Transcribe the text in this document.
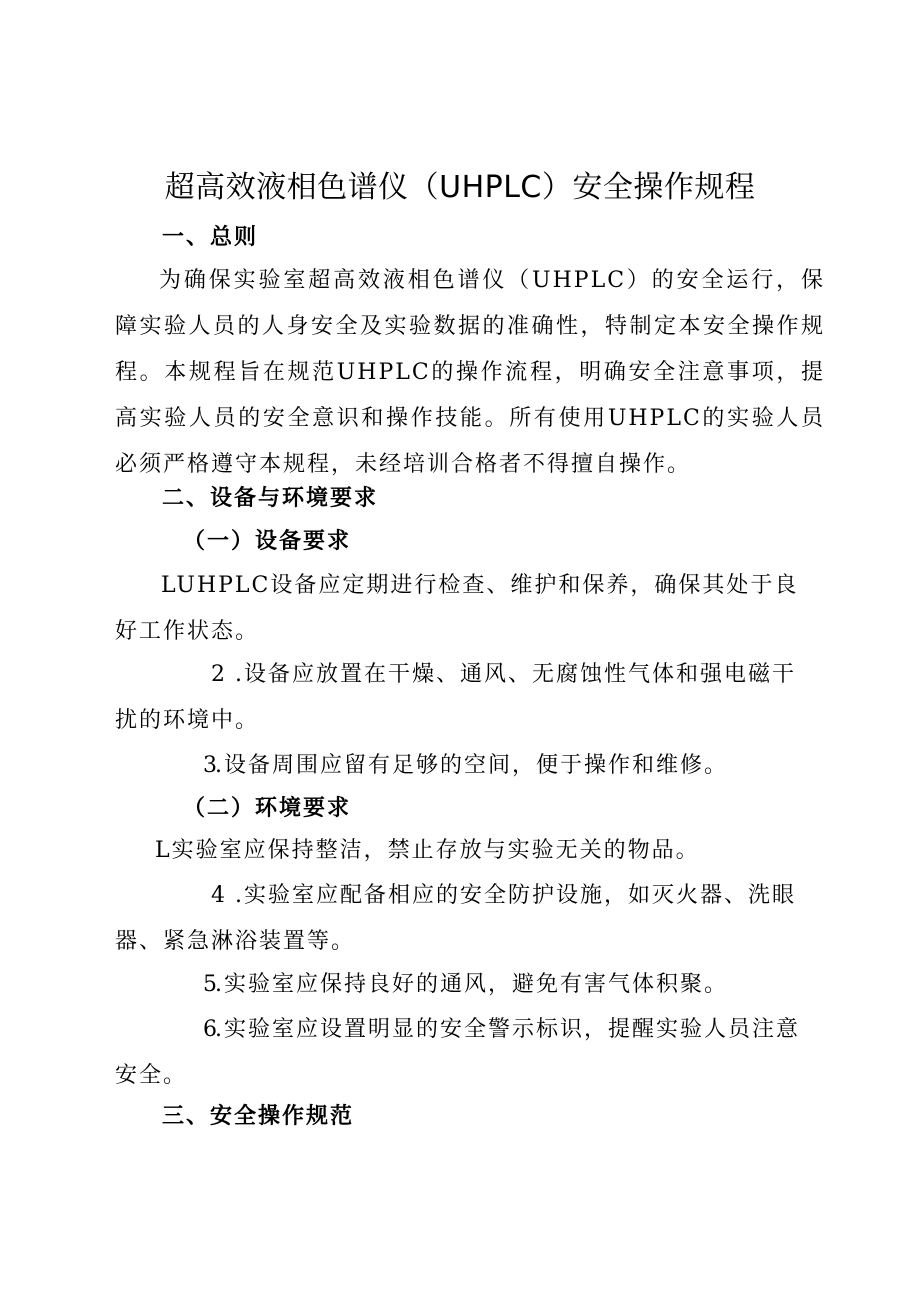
超高效液相色谱仪（UHPLC）安全操作规程
一、总则
为确保实验室超高效液相色谱仪（UHPLC）的安全运行，保障实验人员的人身安全及实验数据的准确性，特制定本安全操作规程。本规程旨在规范UHPLC的操作流程，明确安全注意事项，提高实验人员的安全意识和操作技能。所有使用UHPLC的实验人员必须严格遵守本规程，未经培训合格者不得擅自操作。
二、设备与环境要求
（一）设备要求
LUHPLC设备应定期进行检查、维护和保养，确保其处于良好工作状态。
2 .设备应放置在干燥、通风、无腐蚀性气体和强电磁干扰的环境中。
3.设备周围应留有足够的空间，便于操作和维修。
（二）环境要求
L实验室应保持整洁，禁止存放与实验无关的物品。
4 .实验室应配备相应的安全防护设施，如灭火器、洗眼器、紧急淋浴装置等。
5.实验室应保持良好的通风，避免有害气体积聚。
6.实验室应设置明显的安全警示标识，提醒实验人员注意安全。
三、安全操作规范
